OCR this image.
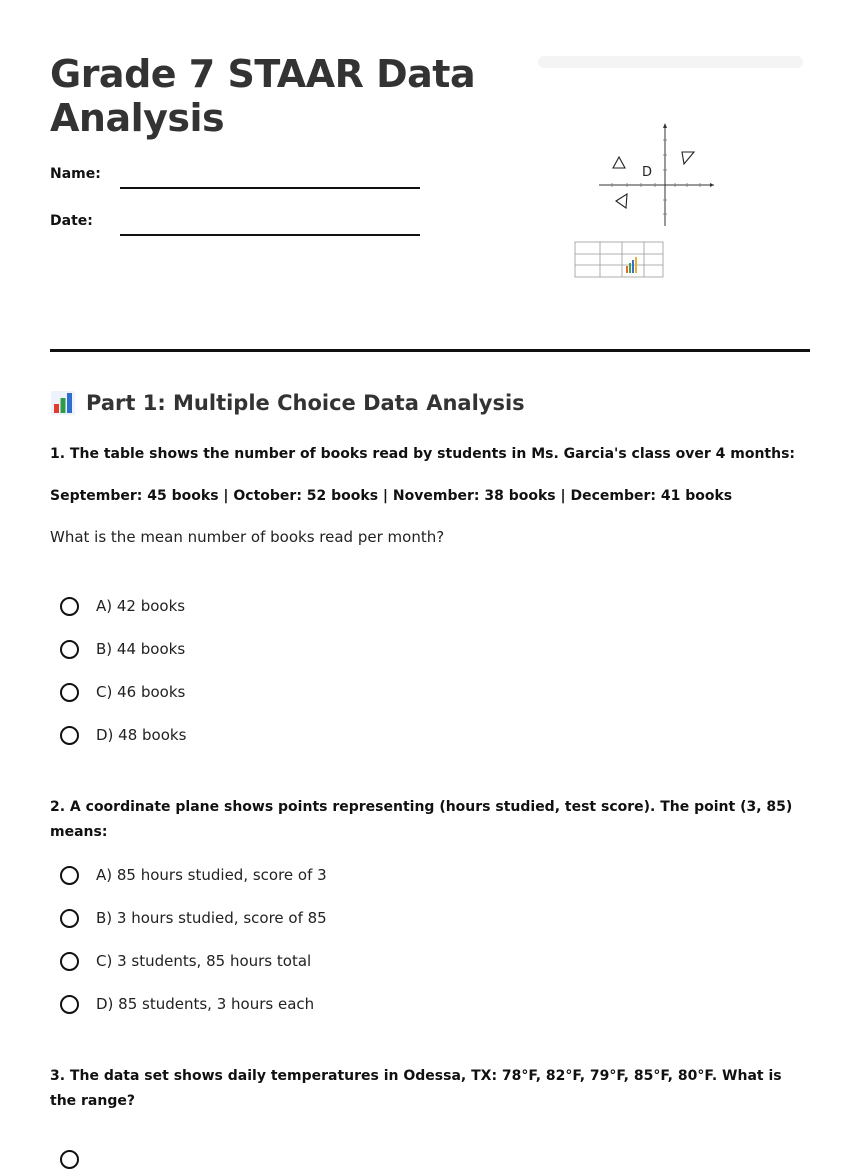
Grade 7 STAAR Data Analysis
Name:
Date:
D
Part 1: Multiple Choice Data Analysis
1. The table shows the number of books read by students in Ms. Garcia's class over 4 months:
September: 45 books | October: 52 books | November: 38 books | December: 41 books
What is the mean number of books read per month?
A) 42 books
B) 44 books
C) 46 books
D) 48 books
2. A coordinate plane shows points representing (hours studied, test score). The point (3, 85) means:
A) 85 hours studied, score of 3
B) 3 hours studied, score of 85
C) 3 students, 85 hours total
D) 85 students, 3 hours each
3. The data set shows daily temperatures in Odessa, TX: 78°F, 82°F, 79°F, 85°F, 80°F. What is the range?
